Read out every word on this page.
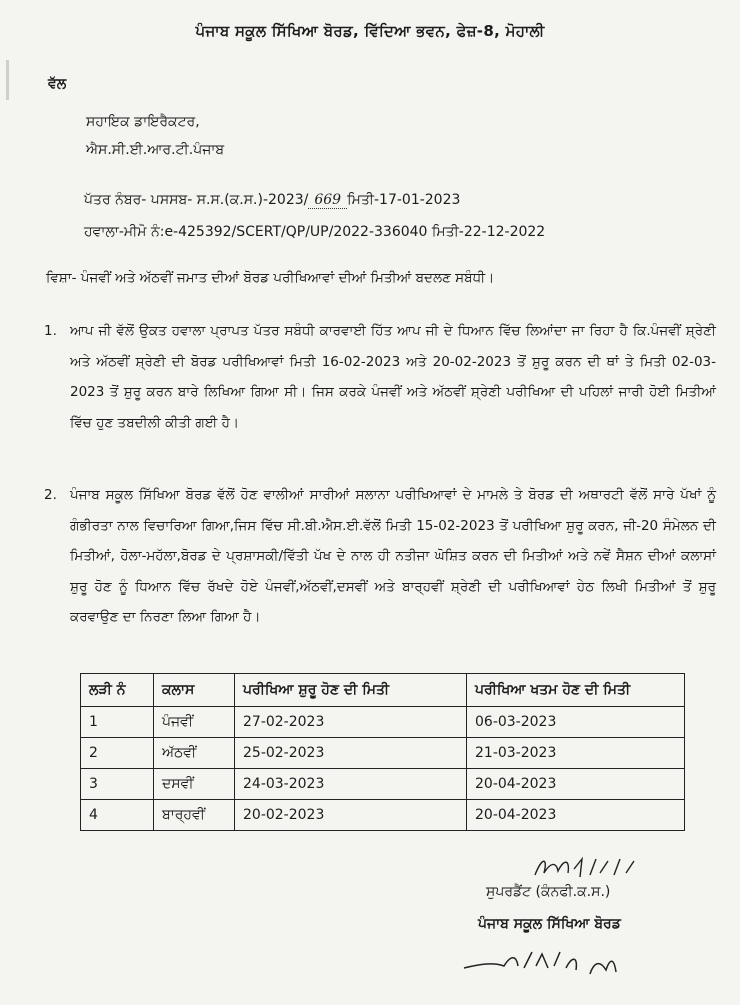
ਪੰਜਾਬ ਸਕੂਲ ਸਿੱਖਿਆ ਬੋਰਡ, ਵਿੱਦਿਆ ਭਵਨ, ਫੇਜ਼-8, ਮੋਹਾਲੀ
ਵੱਲ
ਸਹਾਇਕ ਡਾਇਰੈਕਟਰ,
ਐਸ.ਸੀ.ਈ.ਆਰ.ਟੀ.ਪੰਜਾਬ
ਪੱਤਰ ਨੰਬਰ- ਪਸਸਬ- ਸ.ਸ.(ਕ.ਸ.)-2023/ 669 ਮਿਤੀ-17-01-2023
ਹਵਾਲਾ-ਮੀਮੋ ਨੰ:e-425392/SCERT/QP/UP/2022-336040 ਮਿਤੀ-22-12-2022
ਵਿਸ਼ਾ- ਪੰਜਵੀਂ ਅਤੇ ਅੱਠਵੀਂ ਜਮਾਤ ਦੀਆਂ ਬੋਰਡ ਪਰੀਖਿਆਵਾਂ ਦੀਆਂ ਮਿਤੀਆਂ ਬਦਲਣ ਸਬੰਧੀ।
1. ਆਪ ਜੀ ਵੱਲੋਂ ਉਕਤ ਹਵਾਲਾ ਪ੍ਰਾਪਤ ਪੱਤਰ ਸਬੰਧੀ ਕਾਰਵਾਈ ਹਿੱਤ ਆਪ ਜੀ ਦੇ ਧਿਆਨ ਵਿੱਚ ਲਿਆਂਦਾ ਜਾ ਰਿਹਾ ਹੈ ਕਿ.ਪੰਜਵੀਂ ਸ਼੍ਰੇਣੀ ਅਤੇ ਅੱਠਵੀਂ ਸ਼੍ਰੇਣੀ ਦੀ ਬੋਰਡ ਪਰੀਖਿਆਵਾਂ ਮਿਤੀ 16-02-2023 ਅਤੇ 20-02-2023 ਤੋਂ ਸ਼ੁਰੂ ਕਰਨ ਦੀ ਥਾਂ ਤੇ ਮਿਤੀ 02-03-2023 ਤੋਂ ਸ਼ੁਰੂ ਕਰਨ ਬਾਰੇ ਲਿਖਿਆ ਗਿਆ ਸੀ। ਜਿਸ ਕਰਕੇ ਪੰਜਵੀਂ ਅਤੇ ਅੱਠਵੀਂ ਸ਼੍ਰੇਣੀ ਪਰੀਖਿਆ ਦੀ ਪਹਿਲਾਂ ਜਾਰੀ ਹੋਈ ਮਿਤੀਆਂ ਵਿੱਚ ਹੁਣ ਤਬਦੀਲੀ ਕੀਤੀ ਗਈ ਹੈ।
2. ਪੰਜਾਬ ਸਕੂਲ ਸਿੱਖਿਆ ਬੋਰਡ ਵੱਲੋਂ ਹੋਣ ਵਾਲੀਆਂ ਸਾਰੀਆਂ ਸਲਾਨਾ ਪਰੀਖਿਆਵਾਂ ਦੇ ਮਾਮਲੇ ਤੇ ਬੋਰਡ ਦੀ ਅਥਾਰਟੀ ਵੱਲੋਂ ਸਾਰੇ ਪੱਖਾਂ ਨੂੰ ਗੰਭੀਰਤਾ ਨਾਲ ਵਿਚਾਰਿਆ ਗਿਆ,ਜਿਸ ਵਿੱਚ ਸੀ.ਬੀ.ਐਸ.ਈ.ਵੱਲੋਂ ਮਿਤੀ 15-02-2023 ਤੋਂ ਪਰੀਖਿਆ ਸ਼ੁਰੂ ਕਰਨ, ਜੀ-20 ਸੰਮੇਲਨ ਦੀ ਮਿਤੀਆਂ, ਹੋਲਾ-ਮਹੱਲਾ,ਬੋਰਡ ਦੇ ਪ੍ਰਸ਼ਾਸਕੀ/ਵਿੱਤੀ ਪੱਖ ਦੇ ਨਾਲ ਹੀ ਨਤੀਜਾ ਘੋਸ਼ਿਤ ਕਰਨ ਦੀ ਮਿਤੀਆਂ ਅਤੇ ਨਵੇਂ ਸੈਸ਼ਨ ਦੀਆਂ ਕਲਾਸਾਂ ਸ਼ੁਰੂ ਹੋਣ ਨੂੰ ਧਿਆਨ ਵਿੱਚ ਰੱਖਦੇ ਹੋਏ ਪੰਜਵੀਂ,ਅੱਠਵੀਂ,ਦਸਵੀਂ ਅਤੇ ਬਾਰ੍ਹਵੀਂ ਸ਼੍ਰੇਣੀ ਦੀ ਪਰੀਖਿਆਵਾਂ ਹੇਠ ਲਿਖੀ ਮਿਤੀਆਂ ਤੋਂ ਸ਼ੁਰੂ ਕਰਵਾਉਣ ਦਾ ਨਿਰਣਾ ਲਿਆ ਗਿਆ ਹੈ।
ਲੜੀ ਨੰ	ਕਲਾਸ	ਪਰੀਖਿਆ ਸ਼ੁਰੂ ਹੋਣ ਦੀ ਮਿਤੀ	ਪਰੀਖਿਆ ਖਤਮ ਹੋਣ ਦੀ ਮਿਤੀ
1	ਪੰਜਵੀਂ	27-02-2023	06-03-2023
2	ਅੱਠਵੀਂ	25-02-2023	21-03-2023
3	ਦਸਵੀਂ	24-03-2023	20-04-2023
4	ਬਾਰ੍ਹਵੀਂ	20-02-2023	20-04-2023
ਸੁਪਰਡੈਂਟ (ਕੰਨਫੀ.ਕ.ਸ.)
ਪੰਜਾਬ ਸਕੂਲ ਸਿੱਖਿਆ ਬੋਰਡ
